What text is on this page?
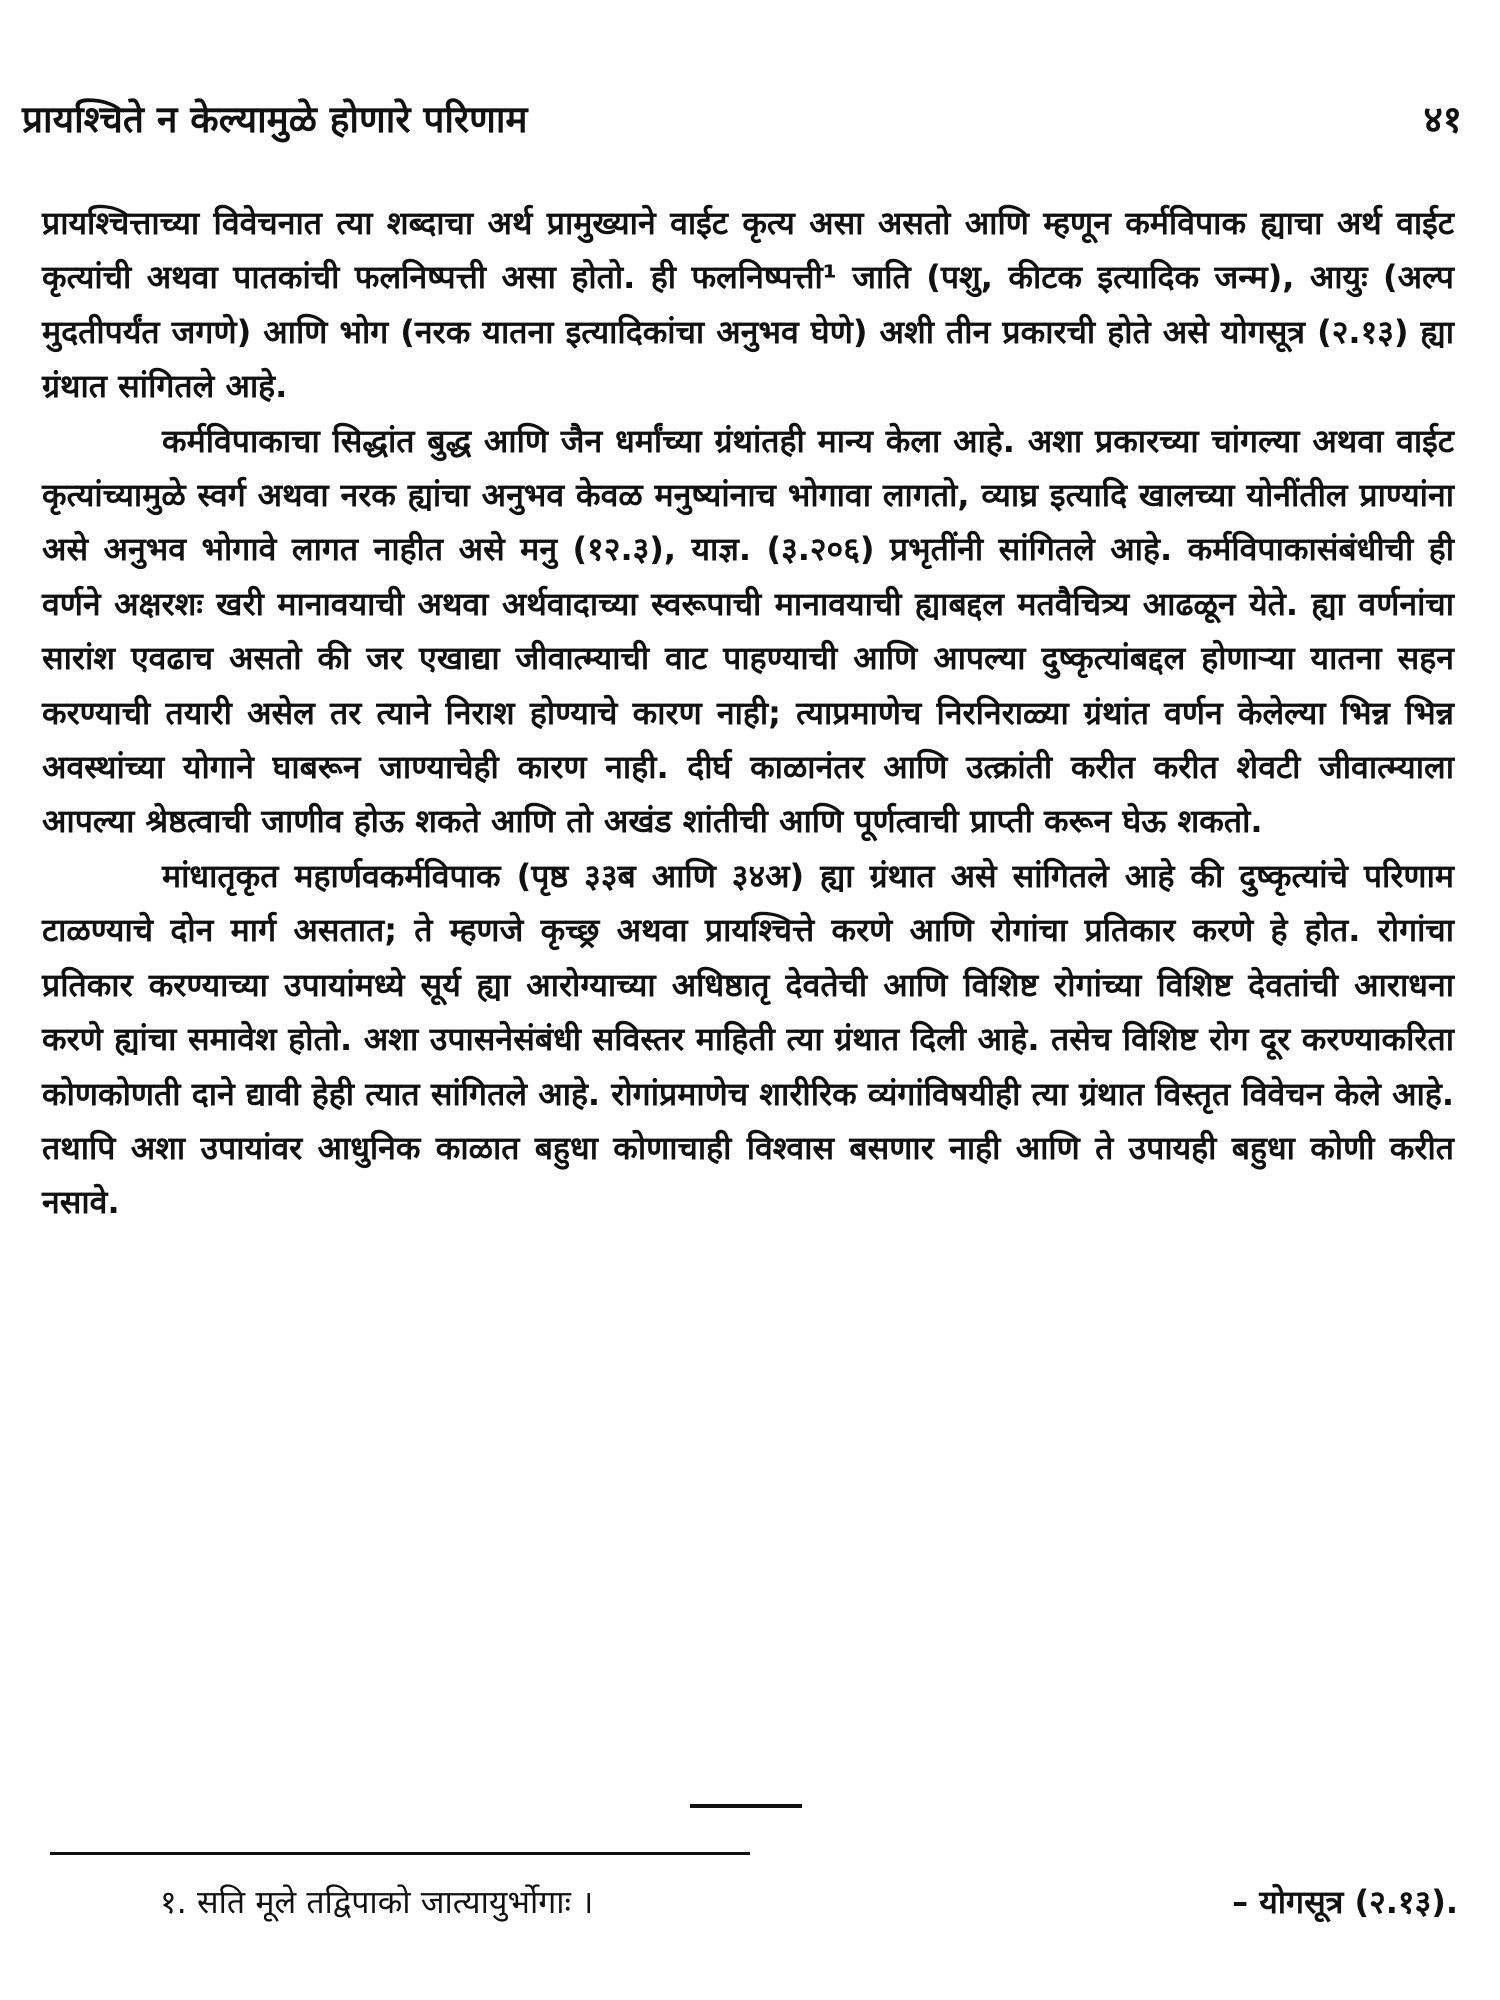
प्रायश्चिते न केल्यामुळे होणारे परिणाम	४१

प्रायश्चित्ताच्या विवेचनात त्या शब्दाचा अर्थ प्रामुख्याने वाईट कृत्य असा असतो आणि म्हणून कर्मविपाक ह्याचा अर्थ वाईट कृत्यांची अथवा पातकांची फलनिष्पत्ती असा होतो. ही फलनिष्पत्ती¹ जाति (पशु, कीटक इत्यादिक जन्म), आयुः (अल्प मुदतीपर्यंत जगणे) आणि भोग (नरक यातना इत्यादिकांचा अनुभव घेणे) अशी तीन प्रकारची होते असे योगसूत्र (२.१३) ह्या ग्रंथात सांगितले आहे.

कर्मविपाकाचा सिद्धांत बुद्ध आणि जैन धर्मांच्या ग्रंथांतही मान्य केला आहे. अशा प्रकारच्या चांगल्या अथवा वाईट कृत्यांच्यामुळे स्वर्ग अथवा नरक ह्यांचा अनुभव केवळ मनुष्यांनाच भोगावा लागतो, व्याघ्र इत्यादि खालच्या योनींतील प्राण्यांना असे अनुभव भोगावे लागत नाहीत असे मनु (१२.३), याज्ञ. (३.२०६) प्रभृतींनी सांगितले आहे. कर्मविपाकासंबंधीची ही वर्णने अक्षरशः खरी मानावयाची अथवा अर्थवादाच्या स्वरूपाची मानावयाची ह्याबद्दल मतवैचित्र्य आढळून येते. ह्या वर्णनांचा सारांश एवढाच असतो की जर एखाद्या जीवात्म्याची वाट पाहण्याची आणि आपल्या दुष्कृत्यांबद्दल होणाऱ्या यातना सहन करण्याची तयारी असेल तर त्याने निराश होण्याचे कारण नाही; त्याप्रमाणेच निरनिराळ्या ग्रंथांत वर्णन केलेल्या भिन्न भिन्न अवस्थांच्या योगाने घाबरून जाण्याचेही कारण नाही. दीर्घ काळानंतर आणि उत्क्रांती करीत करीत शेवटी जीवात्म्याला आपल्या श्रेष्ठत्वाची जाणीव होऊ शकते आणि तो अखंड शांतीची आणि पूर्णत्वाची प्राप्ती करून घेऊ शकतो.

मांधातृकृत महार्णवकर्मविपाक (पृष्ठ ३३ब आणि ३४अ) ह्या ग्रंथात असे सांगितले आहे की दुष्कृत्यांचे परिणाम टाळण्याचे दोन मार्ग असतात; ते म्हणजे कृच्छ्र अथवा प्रायश्चित्ते करणे आणि रोगांचा प्रतिकार करणे हे होत. रोगांचा प्रतिकार करण्याच्या उपायांमध्ये सूर्य ह्या आरोग्याच्या अधिष्ठातृ देवतेची आणि विशिष्ट रोगांच्या विशिष्ट देवतांची आराधना करणे ह्यांचा समावेश होतो. अशा उपासनेसंबंधी सविस्तर माहिती त्या ग्रंथात दिली आहे. तसेच विशिष्ट रोग दूर करण्याकरिता कोणकोणती दाने द्यावी हेही त्यात सांगितले आहे. रोगांप्रमाणेच शारीरिक व्यंगांविषयीही त्या ग्रंथात विस्तृत विवेचन केले आहे. तथापि अशा उपायांवर आधुनिक काळात बहुधा कोणाचाही विश्वास बसणार नाही आणि ते उपायही बहुधा कोणी करीत नसावे.

१. सति मूले तद्विपाको जात्यायुर्भोगाः ।	– योगसूत्र (२.१३).
